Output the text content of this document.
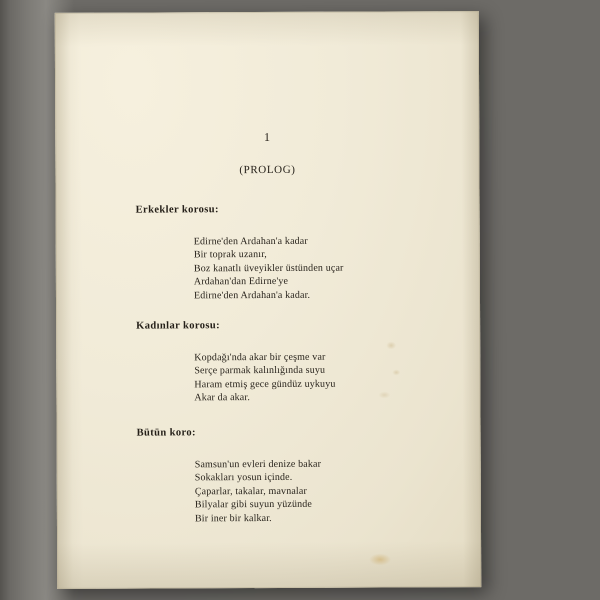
1
(PROLOG)
Erkekler korosu:
Edirne'den Ardahan'a kadar
Bir toprak uzanır,
Boz kanatlı üveyikler üstünden uçar
Ardahan'dan Edirne'ye
Edirne'den Ardahan'a kadar.
Kadınlar korosu:
Kopdağı'nda akar bir çeşme var
Serçe parmak kalınlığında suyu
Haram etmiş gece gündüz uykuyu
Akar da akar.
Bütün koro:
Samsun'un evleri denize bakar
Sokakları yosun içinde.
Çaparlar, takalar, mavnalar
Bilyalar gibi suyun yüzünde
Bir iner bir kalkar.
